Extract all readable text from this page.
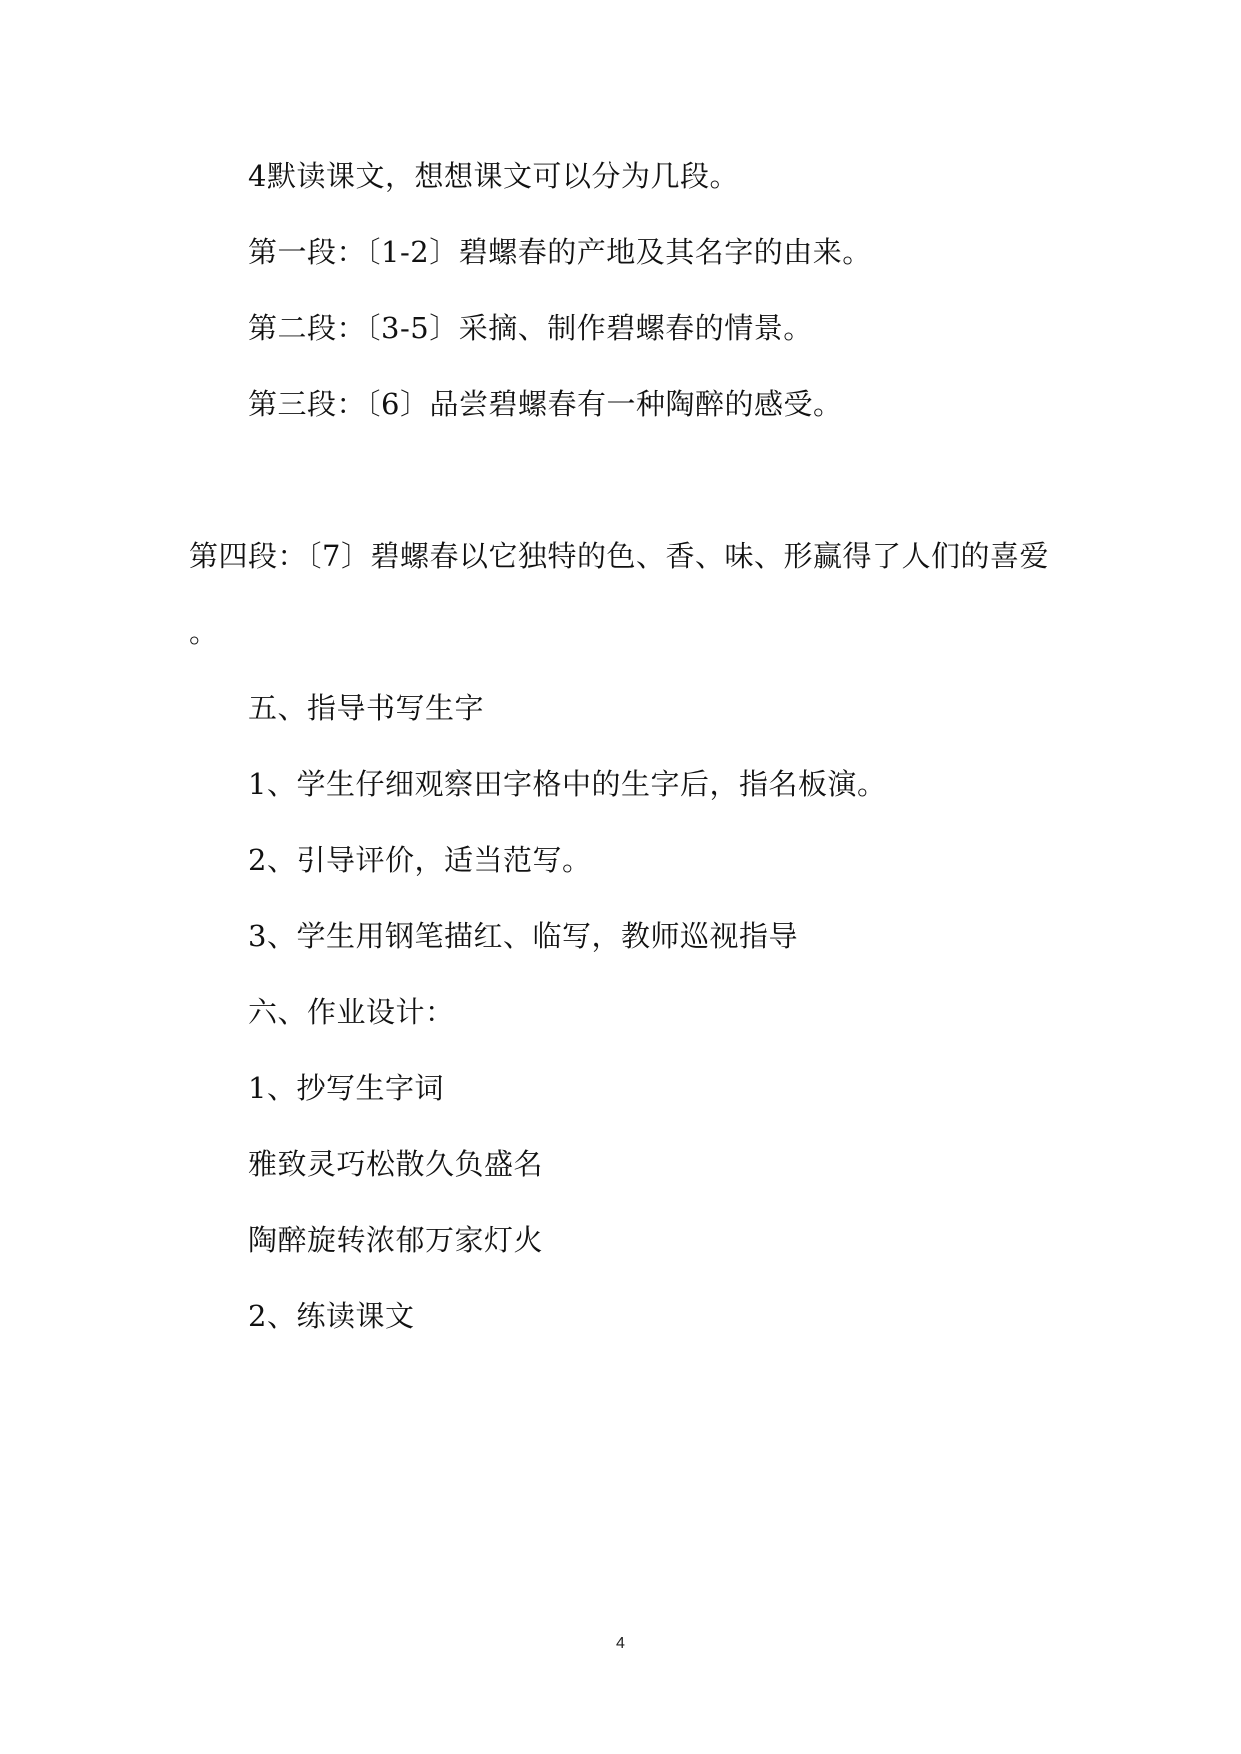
4默读课文，想想课文可以分为几段。
第一段：〔1-2〕碧螺春的产地及其名字的由来。
第二段：〔3-5〕采摘、制作碧螺春的情景。
第三段：〔6〕品尝碧螺春有一种陶醉的感受。
第四段：〔7〕碧螺春以它独特的色、香、味、形赢得了人们的喜爱
。
五、指导书写生字
1、学生仔细观察田字格中的生字后，指名板演。
2、引导评价，适当范写。
3、学生用钢笔描红、临写，教师巡视指导
六、作业设计：
1、抄写生字词
雅致灵巧松散久负盛名
陶醉旋转浓郁万家灯火
2、练读课文
4
